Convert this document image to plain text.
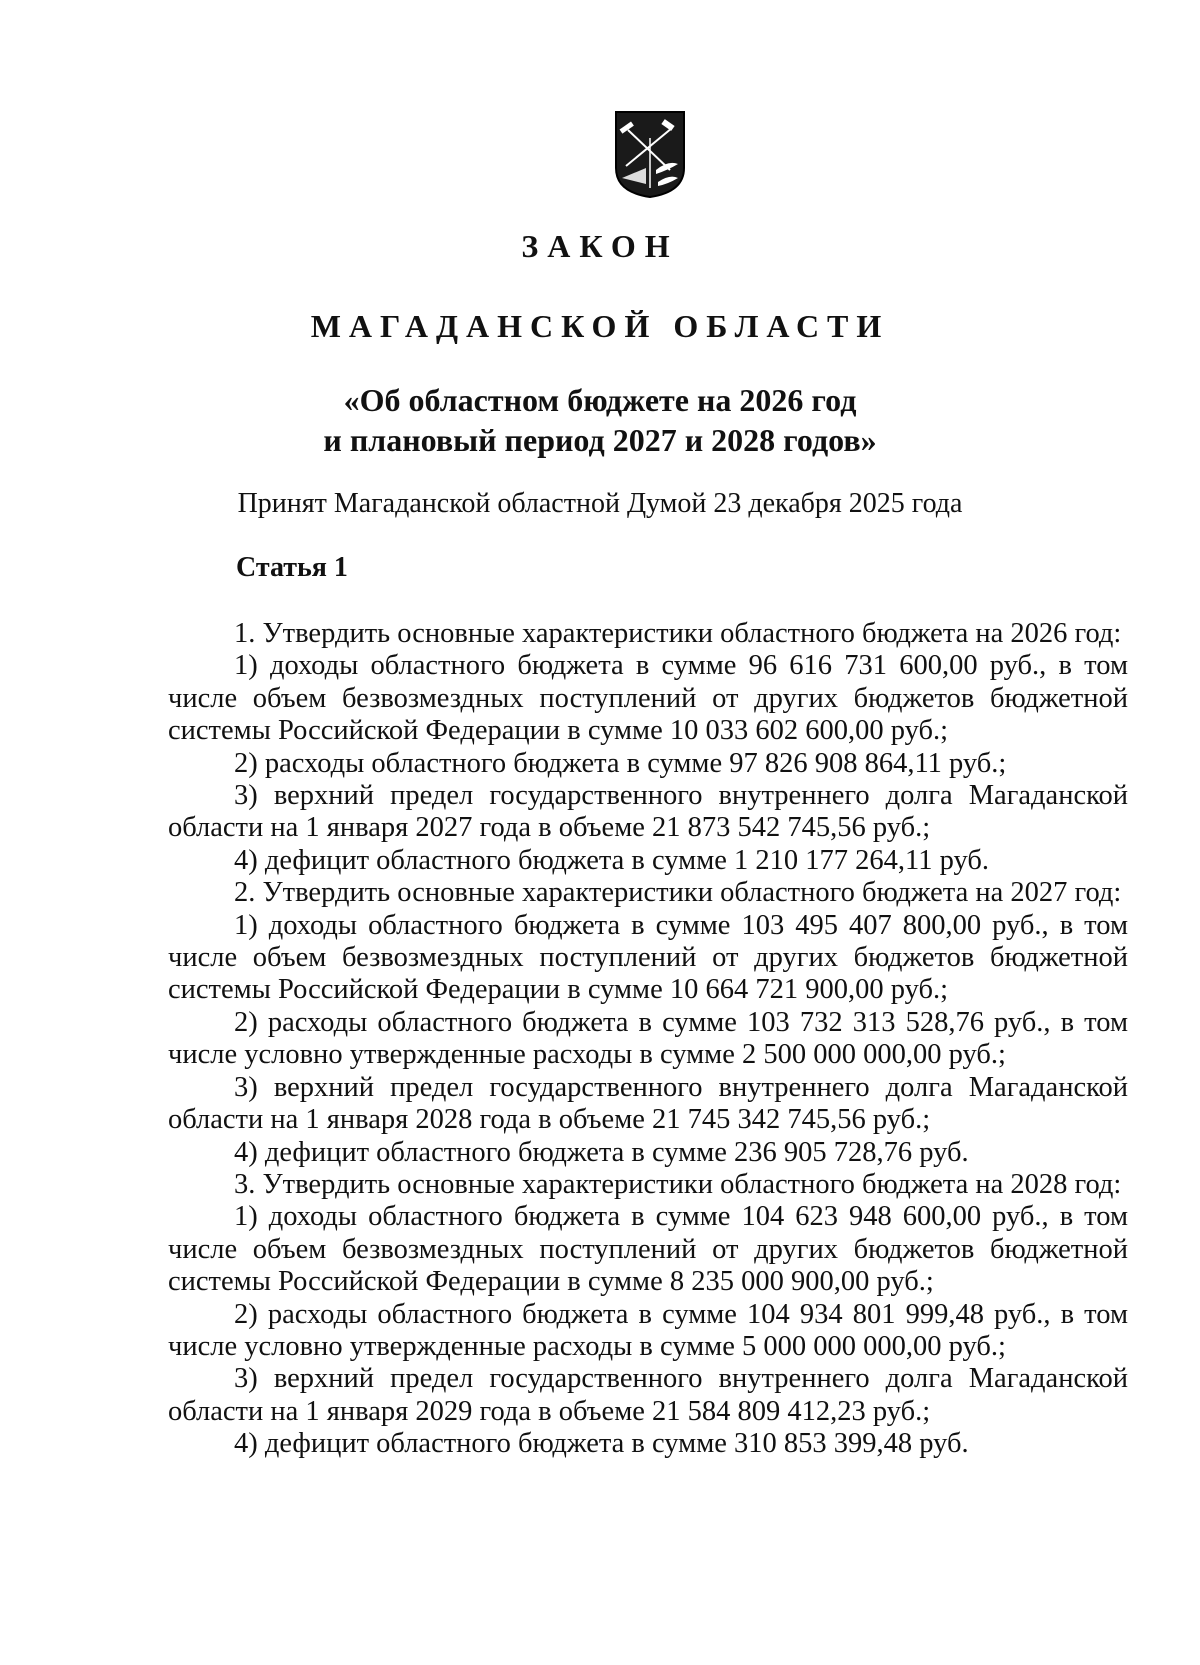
ЗАКОН
МАГАДАНСКОЙ ОБЛАСТИ
«Об областном бюджете на 2026 год
и плановый период 2027 и 2028 годов»

Принят Магаданской областной Думой 23 декабря 2025 года

Статья 1

1. Утвердить основные характеристики областного бюджета на 2026 год:

1) доходы областного бюджета в сумме 96 616 731 600,00 руб., в том числе объем безвозмездных поступлений от других бюджетов бюджетной системы Российской Федерации в сумме 10 033 602 600,00 руб.;

2) расходы областного бюджета в сумме 97 826 908 864,11 руб.;

3) верхний предел государственного внутреннего долга Магаданской области на 1 января 2027 года в объеме 21 873 542 745,56 руб.;

4) дефицит областного бюджета в сумме 1 210 177 264,11 руб.

2. Утвердить основные характеристики областного бюджета на 2027 год:

1) доходы областного бюджета в сумме 103 495 407 800,00 руб., в том числе объем безвозмездных поступлений от других бюджетов бюджетной системы Российской Федерации в сумме 10 664 721 900,00 руб.;

2) расходы областного бюджета в сумме 103 732 313 528,76 руб., в том числе условно утвержденные расходы в сумме 2 500 000 000,00 руб.;

3) верхний предел государственного внутреннего долга Магаданской области на 1 января 2028 года в объеме 21 745 342 745,56 руб.;

4) дефицит областного бюджета в сумме 236 905 728,76 руб.

3. Утвердить основные характеристики областного бюджета на 2028 год:

1) доходы областного бюджета в сумме 104 623 948 600,00 руб., в том числе объем безвозмездных поступлений от других бюджетов бюджетной системы Российской Федерации в сумме 8 235 000 900,00 руб.;

2) расходы областного бюджета в сумме 104 934 801 999,48 руб., в том числе условно утвержденные расходы в сумме 5 000 000 000,00 руб.;

3) верхний предел государственного внутреннего долга Магаданской области на 1 января 2029 года в объеме 21 584 809 412,23 руб.;

4) дефицит областного бюджета в сумме 310 853 399,48 руб.
